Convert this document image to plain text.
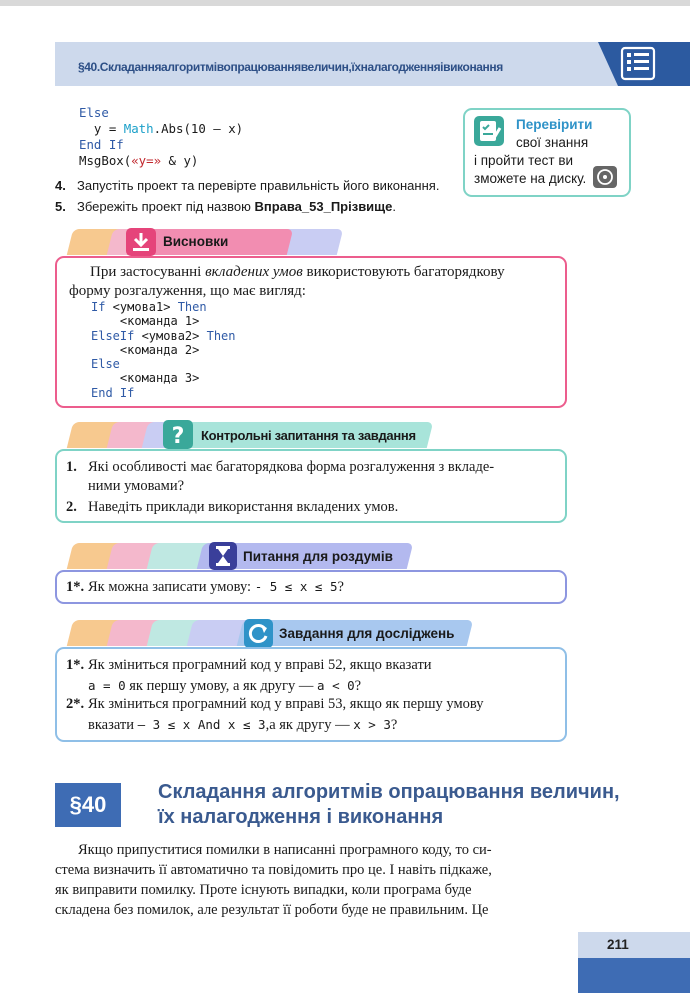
§40.Складанняалгоритмівопрацюваннявеличин,їхналагодженняівиконання
Else
y = Math.Abs(10 – x)
End If
MsgBox(«y=» & y)
4. Запустіть проект та перевірте правильність його виконання.
5. Збережіть проект під назвою Вправа_53_Прізвище.
Перевірити
свої знання
і пройти тест ви
зможете на диску.
Висновки
При застосуванні вкладених умов використовують багаторядкову
форму розгалуження, що має вигляд:
If <умова1> Then
<команда 1>
ElseIf <умова2> Then
<команда 2>
Else
<команда 3>
End If
? Контрольні запитання та завдання
1. Які особливості має багаторядкова форма розгалуження з вкладе-
ними умовами?
2. Наведіть приклади використання вкладених умов.
Питання для роздумів
1*. Як можна записати умову: - 5 ≤ x ≤ 5?
Завдання для досліджень
1*. Як зміниться програмний код у вправі 52, якщо вказати
a = 0 як першу умову, а як другу — a < 0?
2*. Як зміниться програмний код у вправі 53, якщо як першу умову
вказати – 3 ≤ x And x ≤ 3,а як другу — x > 3?
§40	Складання алгоритмів опрацювання величин,
їх налагодження і виконання
Якщо припуститися помилки в написанні програмного коду, то си-
стема визначить її автоматично та повідомить про це. І навіть підкаже,
як виправити помилку. Проте існують випадки, коли програма буде
складена без помилок, але результат її роботи буде не правильним. Це
211
